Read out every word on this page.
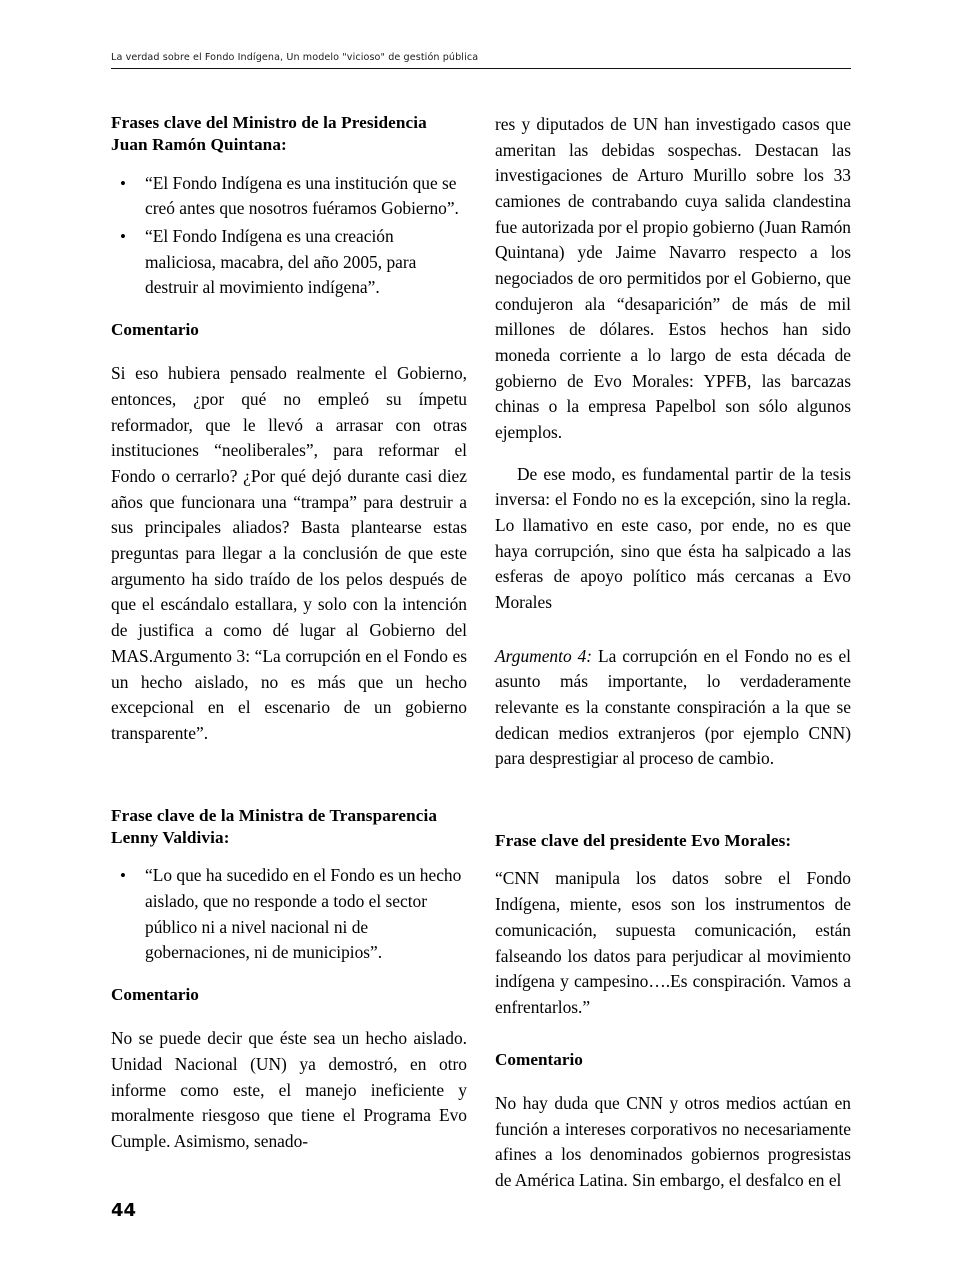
La verdad sobre el Fondo Indígena, Un modelo "vicioso" de gestión pública
Frases clave del Ministro de la Presidencia Juan Ramón Quintana:
• “El Fondo Indígena es una institución que se creó antes que nosotros fuéramos Gobierno”.
• “El Fondo Indígena es una creación maliciosa, macabra, del año 2005, para destruir al movimiento indígena”.
Comentario

Si eso hubiera pensado realmente el Gobierno, entonces, ¿por qué no empleó su ímpetu reformador, que le llevó a arrasar con otras instituciones “neoliberales”, para reformar el Fondo o cerrarlo? ¿Por qué dejó durante casi diez años que funcionara una “trampa” para destruir a sus principales aliados? Basta plantearse estas preguntas para llegar a la conclusión de que este argumento ha sido traído de los pelos después de que el escándalo estallara, y solo con la intención de justifica a como dé lugar al Gobierno del MAS.Argumento 3: “La corrupción en el Fondo es un hecho aislado, no es más que un hecho excepcional en el escenario de un gobierno transparente”.

Frase clave de la Ministra de Transparencia Lenny Valdivia:
• “Lo que ha sucedido en el Fondo es un hecho aislado, que no responde a todo el sector público ni a nivel nacional ni de gobernaciones, ni de municipios”.
Comentario

No se puede decir que éste sea un hecho aislado. Unidad Nacional (UN) ya demostró, en otro informe como este, el manejo ineficiente y moralmente riesgoso que tiene el Programa Evo Cumple. Asimismo, senado-

res y diputados de UN han investigado casos que ameritan las debidas sospechas. Destacan las investigaciones de Arturo Murillo sobre los 33 camiones de contrabando cuya salida clandestina fue autorizada por el propio gobierno (Juan Ramón Quintana) yde Jaime Navarro respecto a los negociados de oro permitidos por el Gobierno, que condujeron ala “desaparición” de más de mil millones de dólares. Estos hechos han sido moneda corriente a lo largo de esta década de gobierno de Evo Morales: YPFB, las barcazas chinas o la empresa Papelbol son sólo algunos ejemplos.

De ese modo, es fundamental partir de la tesis inversa: el Fondo no es la excepción, sino la regla. Lo llamativo en este caso, por ende, no es que haya corrupción, sino que ésta ha salpicado a las esferas de apoyo político más cercanas a Evo Morales

Argumento 4: La corrupción en el Fondo no es el asunto más importante, lo verdaderamente relevante es la constante conspiración a la que se dedican medios extranjeros (por ejemplo CNN) para desprestigiar al proceso de cambio.

Frase clave del presidente Evo Morales:

“CNN manipula los datos sobre el Fondo Indígena, miente, esos son los instrumentos de comunicación, supuesta comunicación, están falseando los datos para perjudicar al movimiento indígena y campesino….Es conspiración. Vamos a enfrentarlos.”

Comentario

No hay duda que CNN y otros medios actúan en función a intereses corporativos no necesariamente afines a los denominados gobiernos progresistas de América Latina. Sin embargo, el desfalco en el

44
